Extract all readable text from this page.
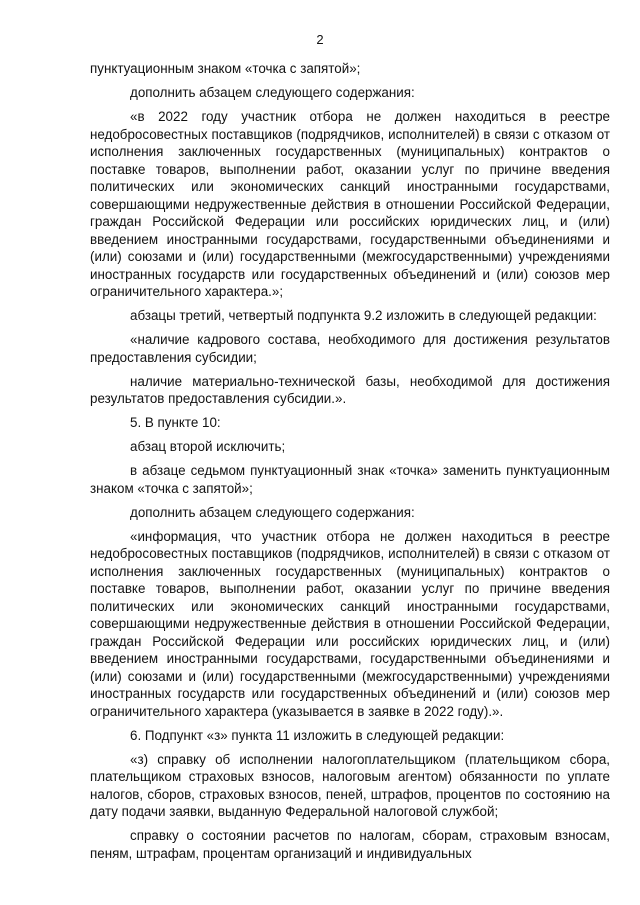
2

пунктуационным знаком «точка с запятой»;

дополнить абзацем следующего содержания:

«в 2022 году участник отбора не должен находиться в реестре недобросовестных поставщиков (подрядчиков, исполнителей) в связи с отказом от исполнения заключенных государственных (муниципальных) контрактов о поставке товаров, выполнении работ, оказании услуг по причине введения политических или экономических санкций иностранными государствами, совершающими недружественные действия в отношении Российской Федерации, граждан Российской Федерации или российских юридических лиц, и (или) введением иностранными государствами, государственными объединениями и (или) союзами и (или) государственными (межгосударственными) учреждениями иностранных государств или государственных объединений и (или) союзов мер ограничительного характера.»;

абзацы третий, четвертый подпункта 9.2 изложить в следующей редакции:

«наличие кадрового состава, необходимого для достижения результатов предоставления субсидии;

наличие материально-технической базы, необходимой для достижения результатов предоставления субсидии.».

5. В пункте 10:

абзац второй исключить;

в абзаце седьмом пунктуационный знак «точка» заменить пунктуационным знаком «точка с запятой»;

дополнить абзацем следующего содержания:

«информация, что участник отбора не должен находиться в реестре недобросовестных поставщиков (подрядчиков, исполнителей) в связи с отказом от исполнения заключенных государственных (муниципальных) контрактов о поставке товаров, выполнении работ, оказании услуг по причине введения политических или экономических санкций иностранными государствами, совершающими недружественные действия в отношении Российской Федерации, граждан Российской Федерации или российских юридических лиц, и (или) введением иностранными государствами, государственными объединениями и (или) союзами и (или) государственными (межгосударственными) учреждениями иностранных государств или государственных объединений и (или) союзов мер ограничительного характера (указывается в заявке в 2022 году).».

6. Подпункт «з» пункта 11 изложить в следующей редакции:

«з) справку об исполнении налогоплательщиком (плательщиком сбора, плательщиком страховых взносов, налоговым агентом) обязанности по уплате налогов, сборов, страховых взносов, пеней, штрафов, процентов по состоянию на дату подачи заявки, выданную Федеральной налоговой службой;

справку о состоянии расчетов по налогам, сборам, страховым взносам, пеням, штрафам, процентам организаций и индивидуальных
